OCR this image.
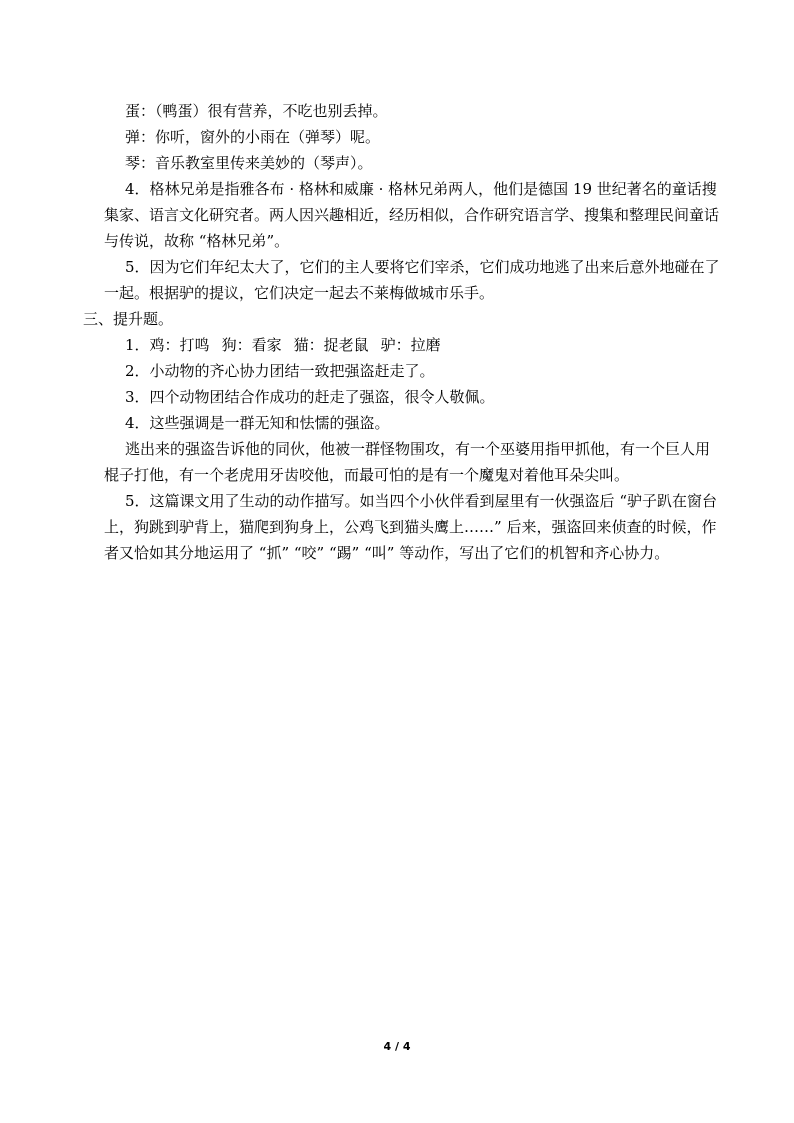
蛋：（鸭蛋）很有营养，不吃也别丢掉。

弹：你听，窗外的小雨在（弹琴）呢。

琴：音乐教室里传来美妙的（琴声）。

4．格林兄弟是指雅各布 · 格林和威廉 · 格林兄弟两人，他们是德国 19 世纪著名的童话搜集家、语言文化研究者。两人因兴趣相近，经历相似，合作研究语言学、搜集和整理民间童话与传说，故称 “格林兄弟”。

5．因为它们年纪太大了，它们的主人要将它们宰杀，它们成功地逃了出来后意外地碰在了一起。根据驴的提议，它们决定一起去不莱梅做城市乐手。

三、提升题。

1．鸡：打鸣 狗：看家 猫：捉老鼠 驴：拉磨

2．小动物的齐心协力团结一致把强盗赶走了。

3．四个动物团结合作成功的赶走了强盗，很令人敬佩。

4．这些强调是一群无知和怯懦的强盗。

逃出来的强盗告诉他的同伙，他被一群怪物围攻，有一个巫婆用指甲抓他，有一个巨人用棍子打他，有一个老虎用牙齿咬他，而最可怕的是有一个魔鬼对着他耳朵尖叫。

5．这篇课文用了生动的动作描写。如当四个小伙伴看到屋里有一伙强盗后 “驴子趴在窗台上，狗跳到驴背上，猫爬到狗身上，公鸡飞到猫头鹰上……” 后来，强盗回来侦查的时候，作者又恰如其分地运用了 “抓” “咬” “踢” “叫” 等动作，写出了它们的机智和齐心协力。

4 / 4
